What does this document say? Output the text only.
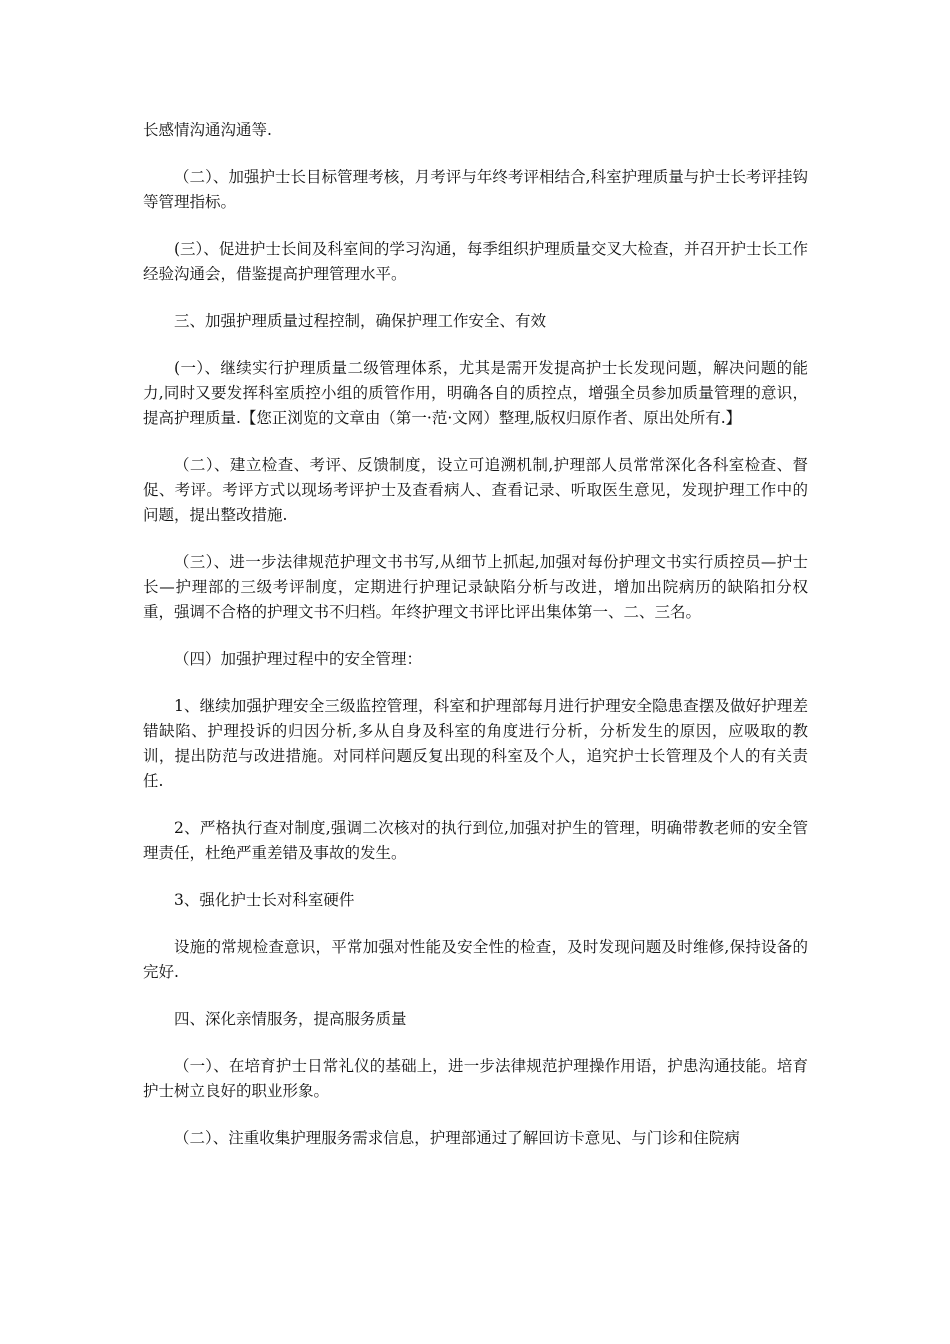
长感情沟通沟通等.

（二）、加强护士长目标管理考核，月考评与年终考评相结合,科室护理质量与护士长考评挂钩等管理指标。

(三）、促进护士长间及科室间的学习沟通，每季组织护理质量交叉大检查，并召开护士长工作经验沟通会，借鉴提高护理管理水平。

三、加强护理质量过程控制，确保护理工作安全、有效

(一）、继续实行护理质量二级管理体系，尤其是需开发提高护士长发现问题，解决问题的能力,同时又要发挥科室质控小组的质管作用，明确各自的质控点，增强全员参加质量管理的意识，提高护理质量.【您正浏览的文章由（第一·范·文网）整理,版权归原作者、原出处所有.】

（二）、建立检查、考评、反馈制度，设立可追溯机制,护理部人员常常深化各科室检查、督促、考评。考评方式以现场考评护士及查看病人、查看记录、听取医生意见，发现护理工作中的问题，提出整改措施.

（三）、进一步法律规范护理文书书写,从细节上抓起,加强对每份护理文书实行质控员—护士长—护理部的三级考评制度，定期进行护理记录缺陷分析与改进，增加出院病历的缺陷扣分权重，强调不合格的护理文书不归档。年终护理文书评比评出集体第一、二、三名。

（四）加强护理过程中的安全管理：

1、继续加强护理安全三级监控管理，科室和护理部每月进行护理安全隐患查摆及做好护理差错缺陷、护理投诉的归因分析,多从自身及科室的角度进行分析，分析发生的原因，应吸取的教训，提出防范与改进措施。对同样问题反复出现的科室及个人，追究护士长管理及个人的有关责任.

2、严格执行查对制度,强调二次核对的执行到位,加强对护生的管理，明确带教老师的安全管理责任，杜绝严重差错及事故的发生。

3、强化护士长对科室硬件

设施的常规检查意识，平常加强对性能及安全性的检查，及时发现问题及时维修,保持设备的完好.

四、深化亲情服务，提高服务质量

（一）、在培育护士日常礼仪的基础上，进一步法律规范护理操作用语，护患沟通技能。培育护士树立良好的职业形象。

（二）、注重收集护理服务需求信息，护理部通过了解回访卡意见、与门诊和住院病
